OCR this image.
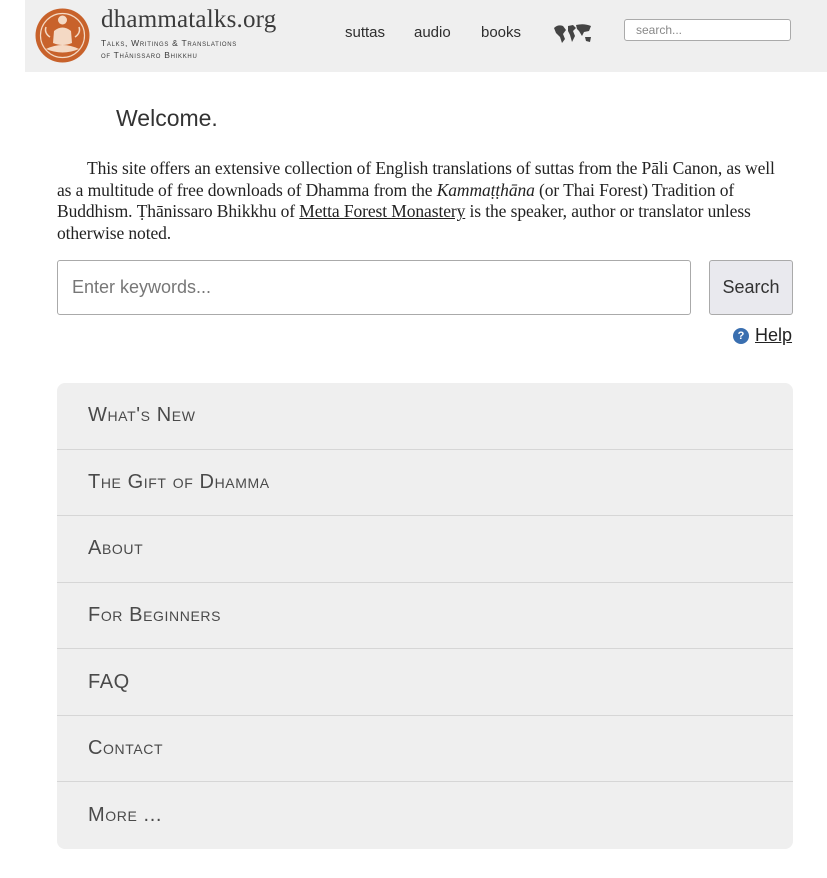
dhammatalks.org
Talks, Writings & Translations
of Thānissaro Bhikkhu
suttas audio books
search...
Welcome.

This site offers an extensive collection of English translations of suttas from the Pāli Canon, as well as a multitude of free downloads of Dhamma from the Kammaṭṭhāna (or Thai Forest) Tradition of Buddhism. Ṭhānissaro Bhikkhu of Metta Forest Monastery is the speaker, author or translator unless otherwise noted.

Enter keywords...
Search
? Help
What's New
The Gift of Dhamma
About
For Beginners
FAQ
Contact
More ...
